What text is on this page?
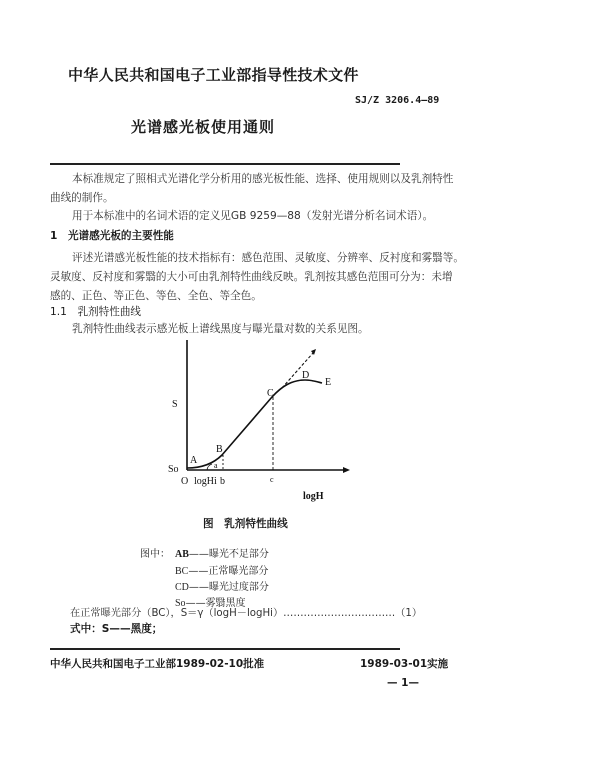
中华人民共和国电子工业部指导性技术文件
SJ/Z 3206.4—89
光谱感光板使用通则
本标准规定了照相式光谱化学分析用的感光板性能、选择、使用规则以及乳剂特性
曲线的制作。
用于本标准中的名词术语的定义见GB 9259—88（发射光谱分析名词术语）。
1　光谱感光板的主要性能
评述光谱感光板性能的技术指标有：感色范围、灵敏度、分辨率、反衬度和雾翳等。
灵敏度、反衬度和雾翳的大小可由乳剂特性曲线反映。乳剂按其感色范围可分为：未增
感的、正色、等正色、等色、全色、等全色。
1.1　乳剂特性曲线
乳剂特性曲线表示感光板上谱线黑度与曝光量对数的关系见图。
S
So
O
A
B
C
D
E
a
logHi b	c
logH
图　乳剂特性曲线
图中： AB——曝光不足部分
BC——正常曝光部分
CD——曝光过度部分
So——雾翳黑度
在正常曝光部分（BC），S＝γ（logH－logHi）……………………………（1）
式中：S——黑度；
中华人民共和国电子工业部1989-02-10批准	1989-03-01实施
— 1—
